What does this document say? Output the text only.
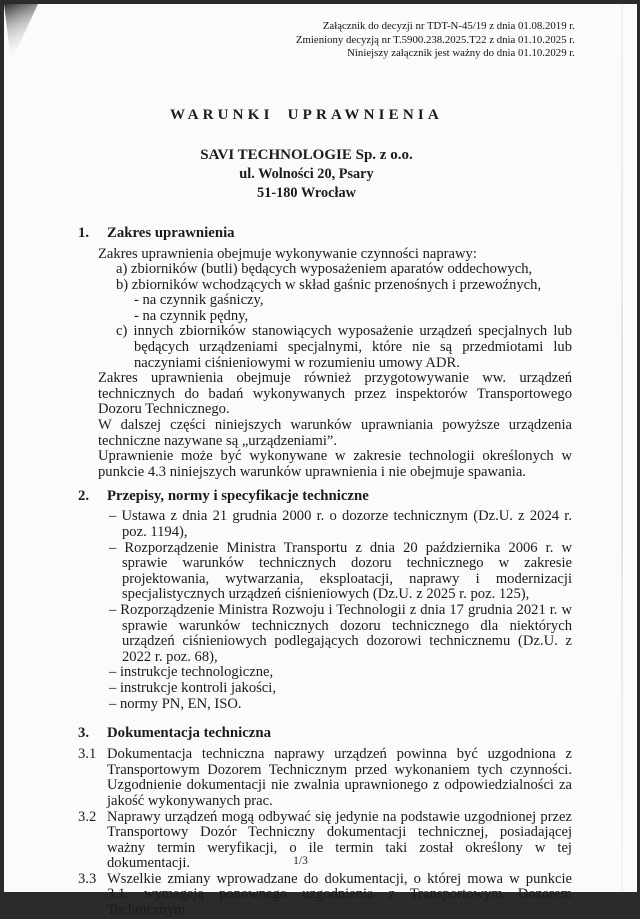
Załącznik do decyzji nr TDT-N-45/19 z dnia 01.08.2019 r.
Zmieniony decyzją nr T.5900.238.2025.T22 z dnia 01.10.2025 r.
Niniejszy załącznik jest ważny do dnia 01.10.2029 r.
WARUNKI UPRAWNIENIA
SAVI TECHNOLOGIE Sp. z o.o.
ul. Wolności 20, Psary
51-180 Wrocław
1.	Zakres uprawnienia
Zakres uprawnienia obejmuje wykonywanie czynności naprawy:
a) zbiorników (butli) będących wyposażeniem aparatów oddechowych,
b) zbiorników wchodzących w skład gaśnic przenośnych i przewoźnych,
- na czynnik gaśniczy,
- na czynnik pędny,
c) innych zbiorników stanowiących wyposażenie urządzeń specjalnych lub będących urządzeniami specjalnymi, które nie są przedmiotami lub naczyniami ciśnieniowymi w rozumieniu umowy ADR.
Zakres uprawnienia obejmuje również przygotowywanie ww. urządzeń technicznych do badań wykonywanych przez inspektorów Transportowego Dozoru Technicznego.
W dalszej części niniejszych warunków uprawniania powyższe urządzenia techniczne nazywane są „urządzeniami”.
Uprawnienie może być wykonywane w zakresie technologii określonych w punkcie 4.3 niniejszych warunków uprawnienia i nie obejmuje spawania.
2.	Przepisy, normy i specyfikacje techniczne
– Ustawa z dnia 21 grudnia 2000 r. o dozorze technicznym (Dz.U. z 2024 r. poz. 1194),
– Rozporządzenie Ministra Transportu z dnia 20 października 2006 r. w sprawie warunków technicznych dozoru technicznego w zakresie projektowania, wytwarzania, eksploatacji, naprawy i modernizacji specjalistycznych urządzeń ciśnieniowych (Dz.U. z 2025 r. poz. 125),
– Rozporządzenie Ministra Rozwoju i Technologii z dnia 17 grudnia 2021 r. w sprawie warunków technicznych dozoru technicznego dla niektórych urządzeń ciśnieniowych podlegających dozorowi technicznemu (Dz.U. z 2022 r. poz. 68),
– instrukcje technologiczne,
– instrukcje kontroli jakości,
– normy PN, EN, ISO.
3.	Dokumentacja techniczna
3.1 Dokumentacja techniczna naprawy urządzeń powinna być uzgodniona z Transportowym Dozorem Technicznym przed wykonaniem tych czynności. Uzgodnienie dokumentacji nie zwalnia uprawnionego z odpowiedzialności za jakość wykonywanych prac.
3.2 Naprawy urządzeń mogą odbywać się jedynie na podstawie uzgodnionej przez Transportowy Dozór Techniczny dokumentacji technicznej, posiadającej ważny termin weryfikacji, o ile termin taki został określony w tej dokumentacji.
3.3 Wszelkie zmiany wprowadzane do dokumentacji, o której mowa w punkcie 3.1. wymagają ponownego uzgodnienia z Transportowym Dozorem Technicznym.
1/3
